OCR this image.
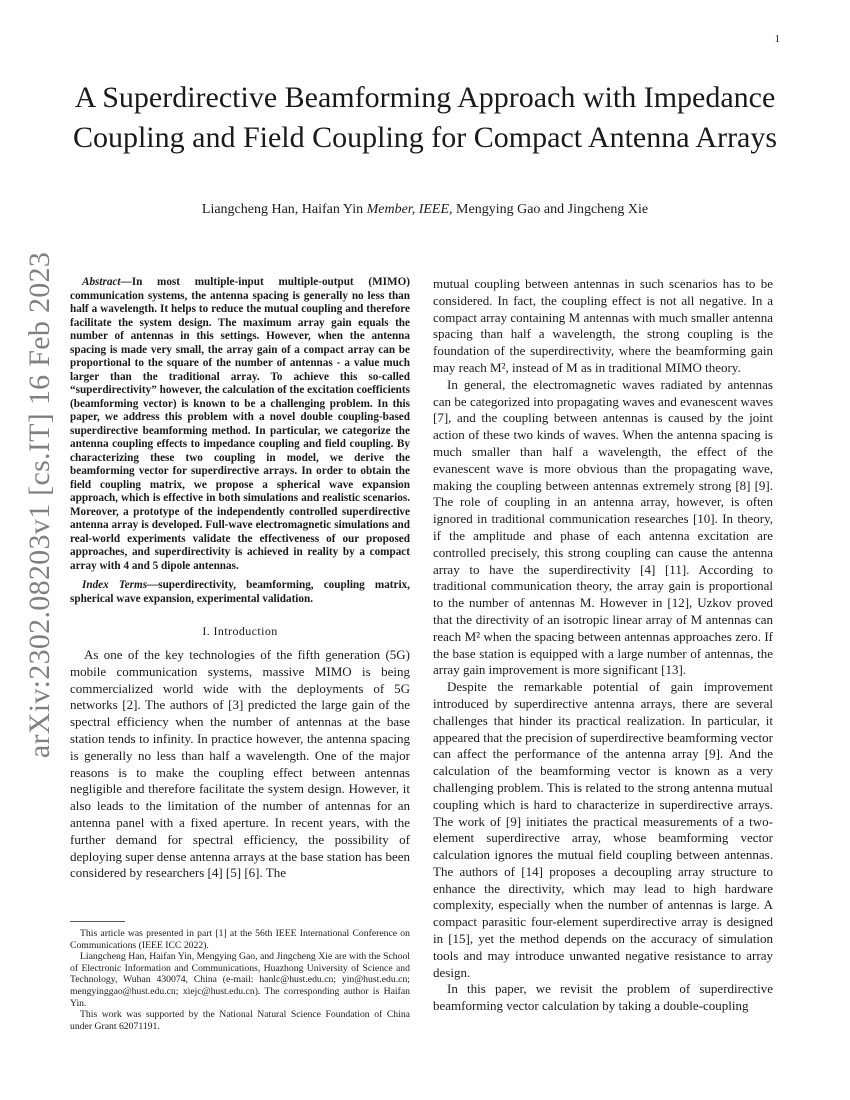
1
arXiv:2302.08203v1 [cs.IT] 16 Feb 2023
A Superdirective Beamforming Approach with Impedance Coupling and Field Coupling for Compact Antenna Arrays
Liangcheng Han, Haifan Yin Member, IEEE, Mengying Gao and Jingcheng Xie

Abstract—In most multiple-input multiple-output (MIMO) communication systems, the antenna spacing is generally no less than half a wavelength. It helps to reduce the mutual coupling and therefore facilitate the system design. The maximum array gain equals the number of antennas in this settings. However, when the antenna spacing is made very small, the array gain of a compact array can be proportional to the square of the number of antennas - a value much larger than the traditional array. To achieve this so-called “superdirectivity” however, the calculation of the excitation coefficients (beamforming vector) is known to be a challenging problem. In this paper, we address this problem with a novel double coupling-based superdirective beamforming method. In particular, we categorize the antenna coupling effects to impedance coupling and field coupling. By characterizing these two coupling in model, we derive the beamforming vector for superdirective arrays. In order to obtain the field coupling matrix, we propose a spherical wave expansion approach, which is effective in both simulations and realistic scenarios. Moreover, a prototype of the independently controlled superdirective antenna array is developed. Full-wave electromagnetic simulations and real-world experiments validate the effectiveness of our proposed approaches, and superdirectivity is achieved in reality by a compact array with 4 and 5 dipole antennas.

Index Terms—superdirectivity, beamforming, coupling matrix, spherical wave expansion, experimental validation.

I. Introduction

As one of the key technologies of the fifth generation (5G) mobile communication systems, massive MIMO is being commercialized world wide with the deployments of 5G networks [2]. The authors of [3] predicted the large gain of the spectral efficiency when the number of antennas at the base station tends to infinity. In practice however, the antenna spacing is generally no less than half a wavelength. One of the major reasons is to make the coupling effect between antennas negligible and therefore facilitate the system design. However, it also leads to the limitation of the number of antennas for an antenna panel with a fixed aperture. In recent years, with the further demand for spectral efficiency, the possibility of deploying super dense antenna arrays at the base station has been considered by researchers [4] [5] [6]. The

mutual coupling between antennas in such scenarios has to be considered. In fact, the coupling effect is not all negative. In a compact array containing M antennas with much smaller antenna spacing than half a wavelength, the strong coupling is the foundation of the superdirectivity, where the beamforming gain may reach M², instead of M as in traditional MIMO theory.

In general, the electromagnetic waves radiated by antennas can be categorized into propagating waves and evanescent waves [7], and the coupling between antennas is caused by the joint action of these two kinds of waves. When the antenna spacing is much smaller than half a wavelength, the effect of the evanescent wave is more obvious than the propagating wave, making the coupling between antennas extremely strong [8] [9]. The role of coupling in an antenna array, however, is often ignored in traditional communication researches [10]. In theory, if the amplitude and phase of each antenna excitation are controlled precisely, this strong coupling can cause the antenna array to have the superdirectivity [4] [11]. According to traditional communication theory, the array gain is proportional to the number of antennas M. However in [12], Uzkov proved that the directivity of an isotropic linear array of M antennas can reach M² when the spacing between antennas approaches zero. If the base station is equipped with a large number of antennas, the array gain improvement is more significant [13].

Despite the remarkable potential of gain improvement introduced by superdirective antenna arrays, there are several challenges that hinder its practical realization. In particular, it appeared that the precision of superdirective beamforming vector can affect the performance of the antenna array [9]. And the calculation of the beamforming vector is known as a very challenging problem. This is related to the strong antenna mutual coupling which is hard to characterize in superdirective arrays. The work of [9] initiates the practical measurements of a two-element superdirective array, whose beamforming vector calculation ignores the mutual field coupling between antennas. The authors of [14] proposes a decoupling array structure to enhance the directivity, which may lead to high hardware complexity, especially when the number of antennas is large. A compact parasitic four-element superdirective array is designed in [15], yet the method depends on the accuracy of simulation tools and may introduce unwanted negative resistance to array design.

In this paper, we revisit the problem of superdirective beamforming vector calculation by taking a double-coupling

This article was presented in part [1] at the 56th IEEE International Conference on Communications (IEEE ICC 2022).

Liangcheng Han, Haifan Yin, Mengying Gao, and Jingcheng Xie are with the School of Electronic Information and Communications, Huazhong University of Science and Technology, Wuhan 430074, China (e-mail: hanlc@hust.edu.cn; yin@hust.edu.cn; mengyinggao@hust.edu.cn; xiejc@hust.edu.cn). The corresponding author is Haifan Yin.

This work was supported by the National Natural Science Foundation of China under Grant 62071191.
